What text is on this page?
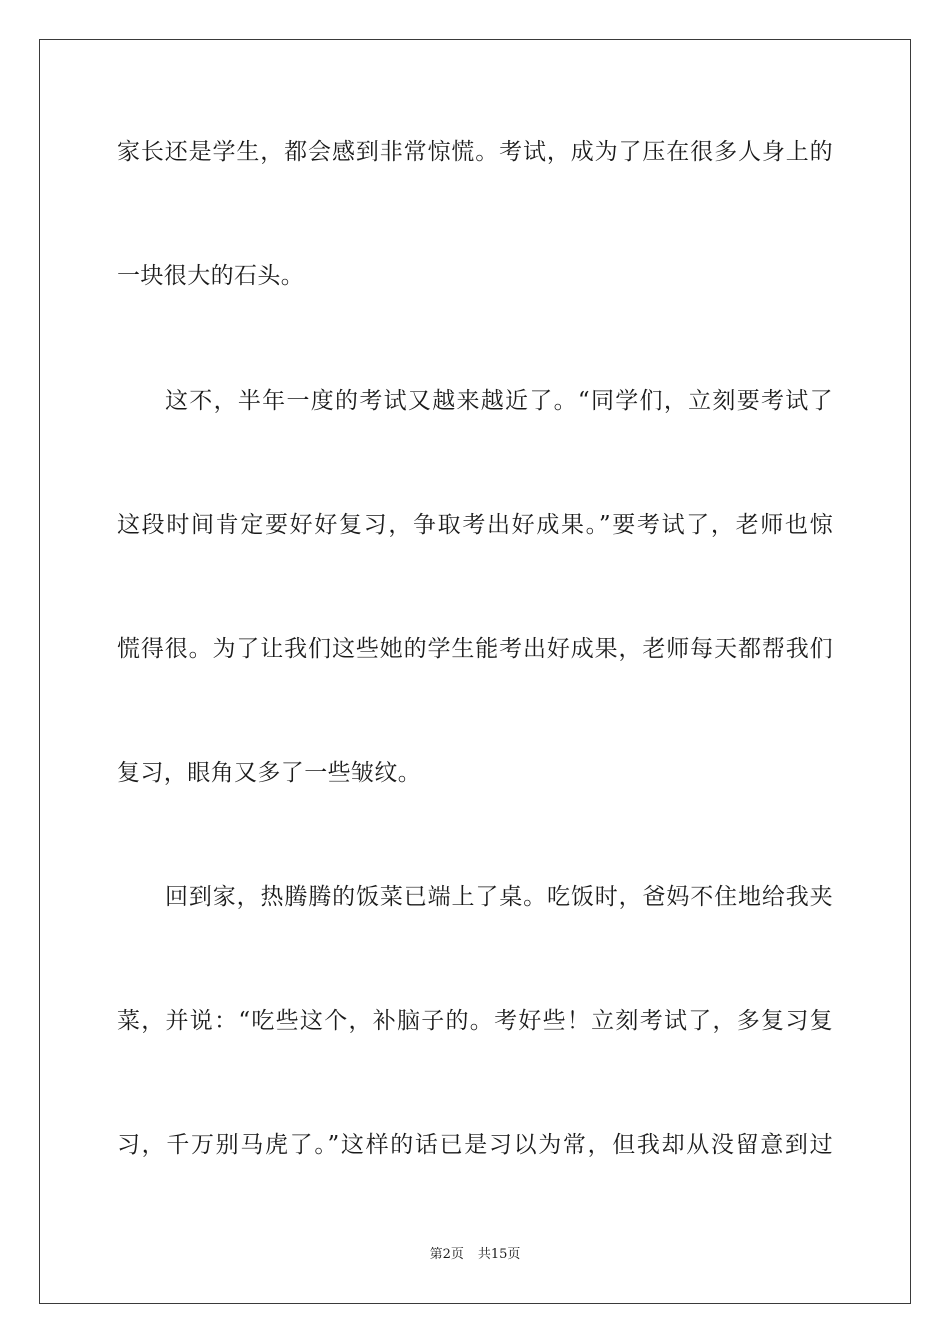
家长还是学生，都会感到非常惊慌。考试，成为了压在很多人身上的
一块很大的石头。
这不，半年一度的考试又越来越近了。“同学们，立刻要考试了
这段时间肯定要好好复习，争取考出好成果。”要考试了，老师也惊
慌得很。为了让我们这些她的学生能考出好成果，老师每天都帮我们
复习，眼角又多了一些皱纹。
回到家，热腾腾的饭菜已端上了桌。吃饭时，爸妈不住地给我夹
菜，并说：“吃些这个，补脑子的。考好些！立刻考试了，多复习复
习，千万别马虎了。”这样的话已是习以为常，但我却从没留意到过
第2页 共15页
